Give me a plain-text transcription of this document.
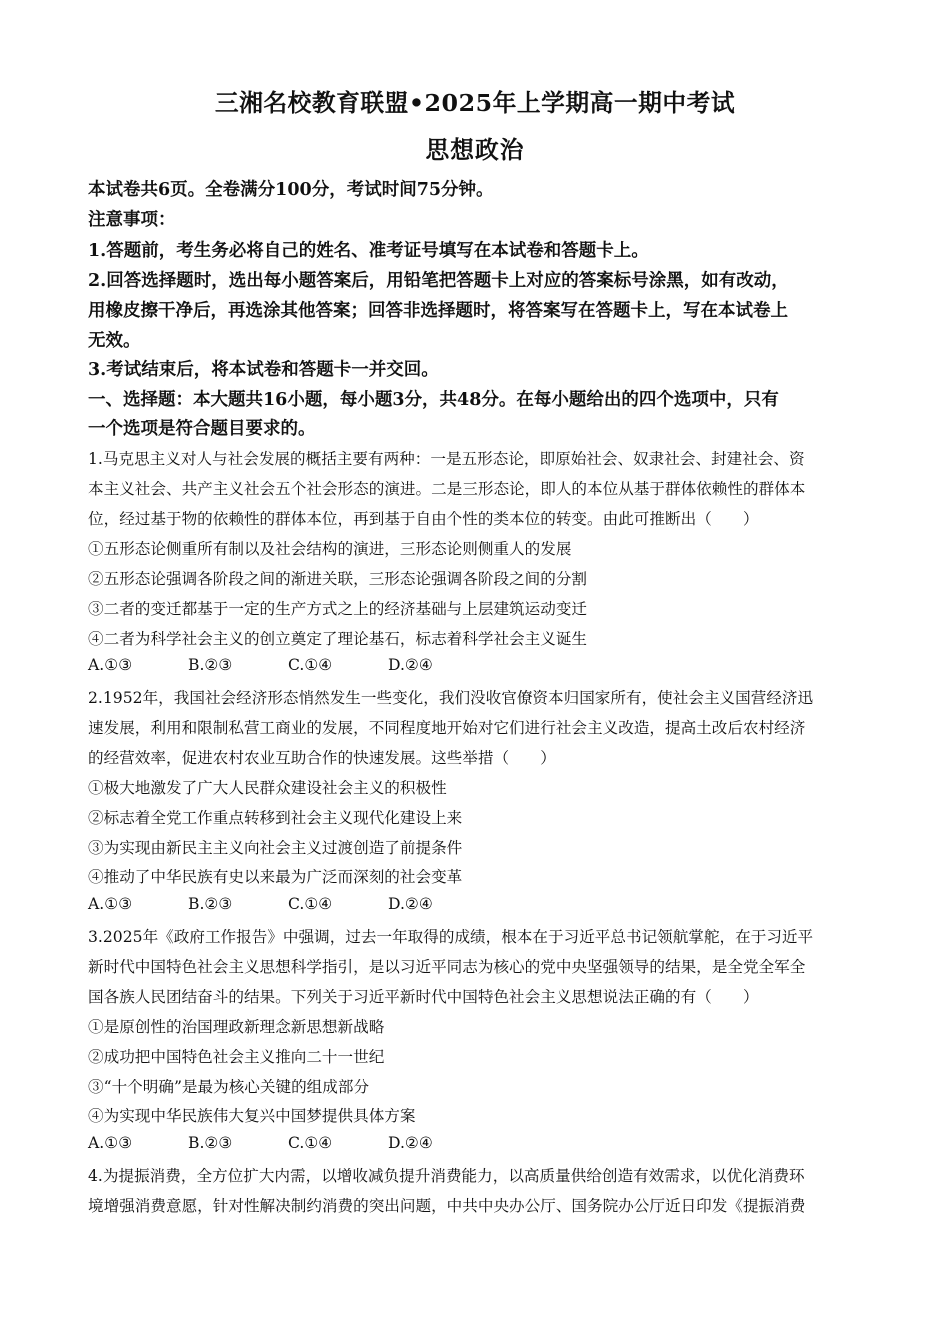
三湘名校教育联盟•2025年上学期高一期中考试
思想政治
本试卷共6页。全卷满分100分，考试时间75分钟。
注意事项：
1.答题前，考生务必将自己的姓名、准考证号填写在本试卷和答题卡上。
2.回答选择题时，选出每小题答案后，用铅笔把答题卡上对应的答案标号涂黑，如有改动，
用橡皮擦干净后，再选涂其他答案；回答非选择题时，将答案写在答题卡上，写在本试卷上
无效。
3.考试结束后，将本试卷和答题卡一并交回。
一、选择题：本大题共16小题，每小题3分，共48分。在每小题给出的四个选项中，只有
一个选项是符合题目要求的。
1.马克思主义对人与社会发展的概括主要有两种：一是五形态论，即原始社会、奴隶社会、封建社会、资
本主义社会、共产主义社会五个社会形态的演进。二是三形态论，即人的本位从基于群体依赖性的群体本
位，经过基于物的依赖性的群体本位，再到基于自由个性的类本位的转变。由此可推断出（　　）
①五形态论侧重所有制以及社会结构的演进，三形态论则侧重人的发展
②五形态论强调各阶段之间的渐进关联，三形态论强调各阶段之间的分割
③二者的变迁都基于一定的生产方式之上的经济基础与上层建筑运动变迁
④二者为科学社会主义的创立奠定了理论基石，标志着科学社会主义诞生
A.①③	B.②③	C.①④	D.②④
2.1952年，我国社会经济形态悄然发生一些变化，我们没收官僚资本归国家所有，使社会主义国营经济迅
速发展，利用和限制私营工商业的发展，不同程度地开始对它们进行社会主义改造，提高土改后农村经济
的经营效率，促进农村农业互助合作的快速发展。这些举措（　　）
①极大地激发了广大人民群众建设社会主义的积极性
②标志着全党工作重点转移到社会主义现代化建设上来
③为实现由新民主主义向社会主义过渡创造了前提条件
④推动了中华民族有史以来最为广泛而深刻的社会变革
A.①③	B.②③	C.①④	D.②④
3.2025年《政府工作报告》中强调，过去一年取得的成绩，根本在于习近平总书记领航掌舵，在于习近平
新时代中国特色社会主义思想科学指引，是以习近平同志为核心的党中央坚强领导的结果，是全党全军全
国各族人民团结奋斗的结果。下列关于习近平新时代中国特色社会主义思想说法正确的有（　　）
①是原创性的治国理政新理念新思想新战略
②成功把中国特色社会主义推向二十一世纪
③“十个明确”是最为核心关键的组成部分
④为实现中华民族伟大复兴中国梦提供具体方案
A.①③	B.②③	C.①④	D.②④
4.为提振消费，全方位扩大内需，以增收减负提升消费能力，以高质量供给创造有效需求，以优化消费环
境增强消费意愿，针对性解决制约消费的突出问题，中共中央办公厅、国务院办公厅近日印发《提振消费
